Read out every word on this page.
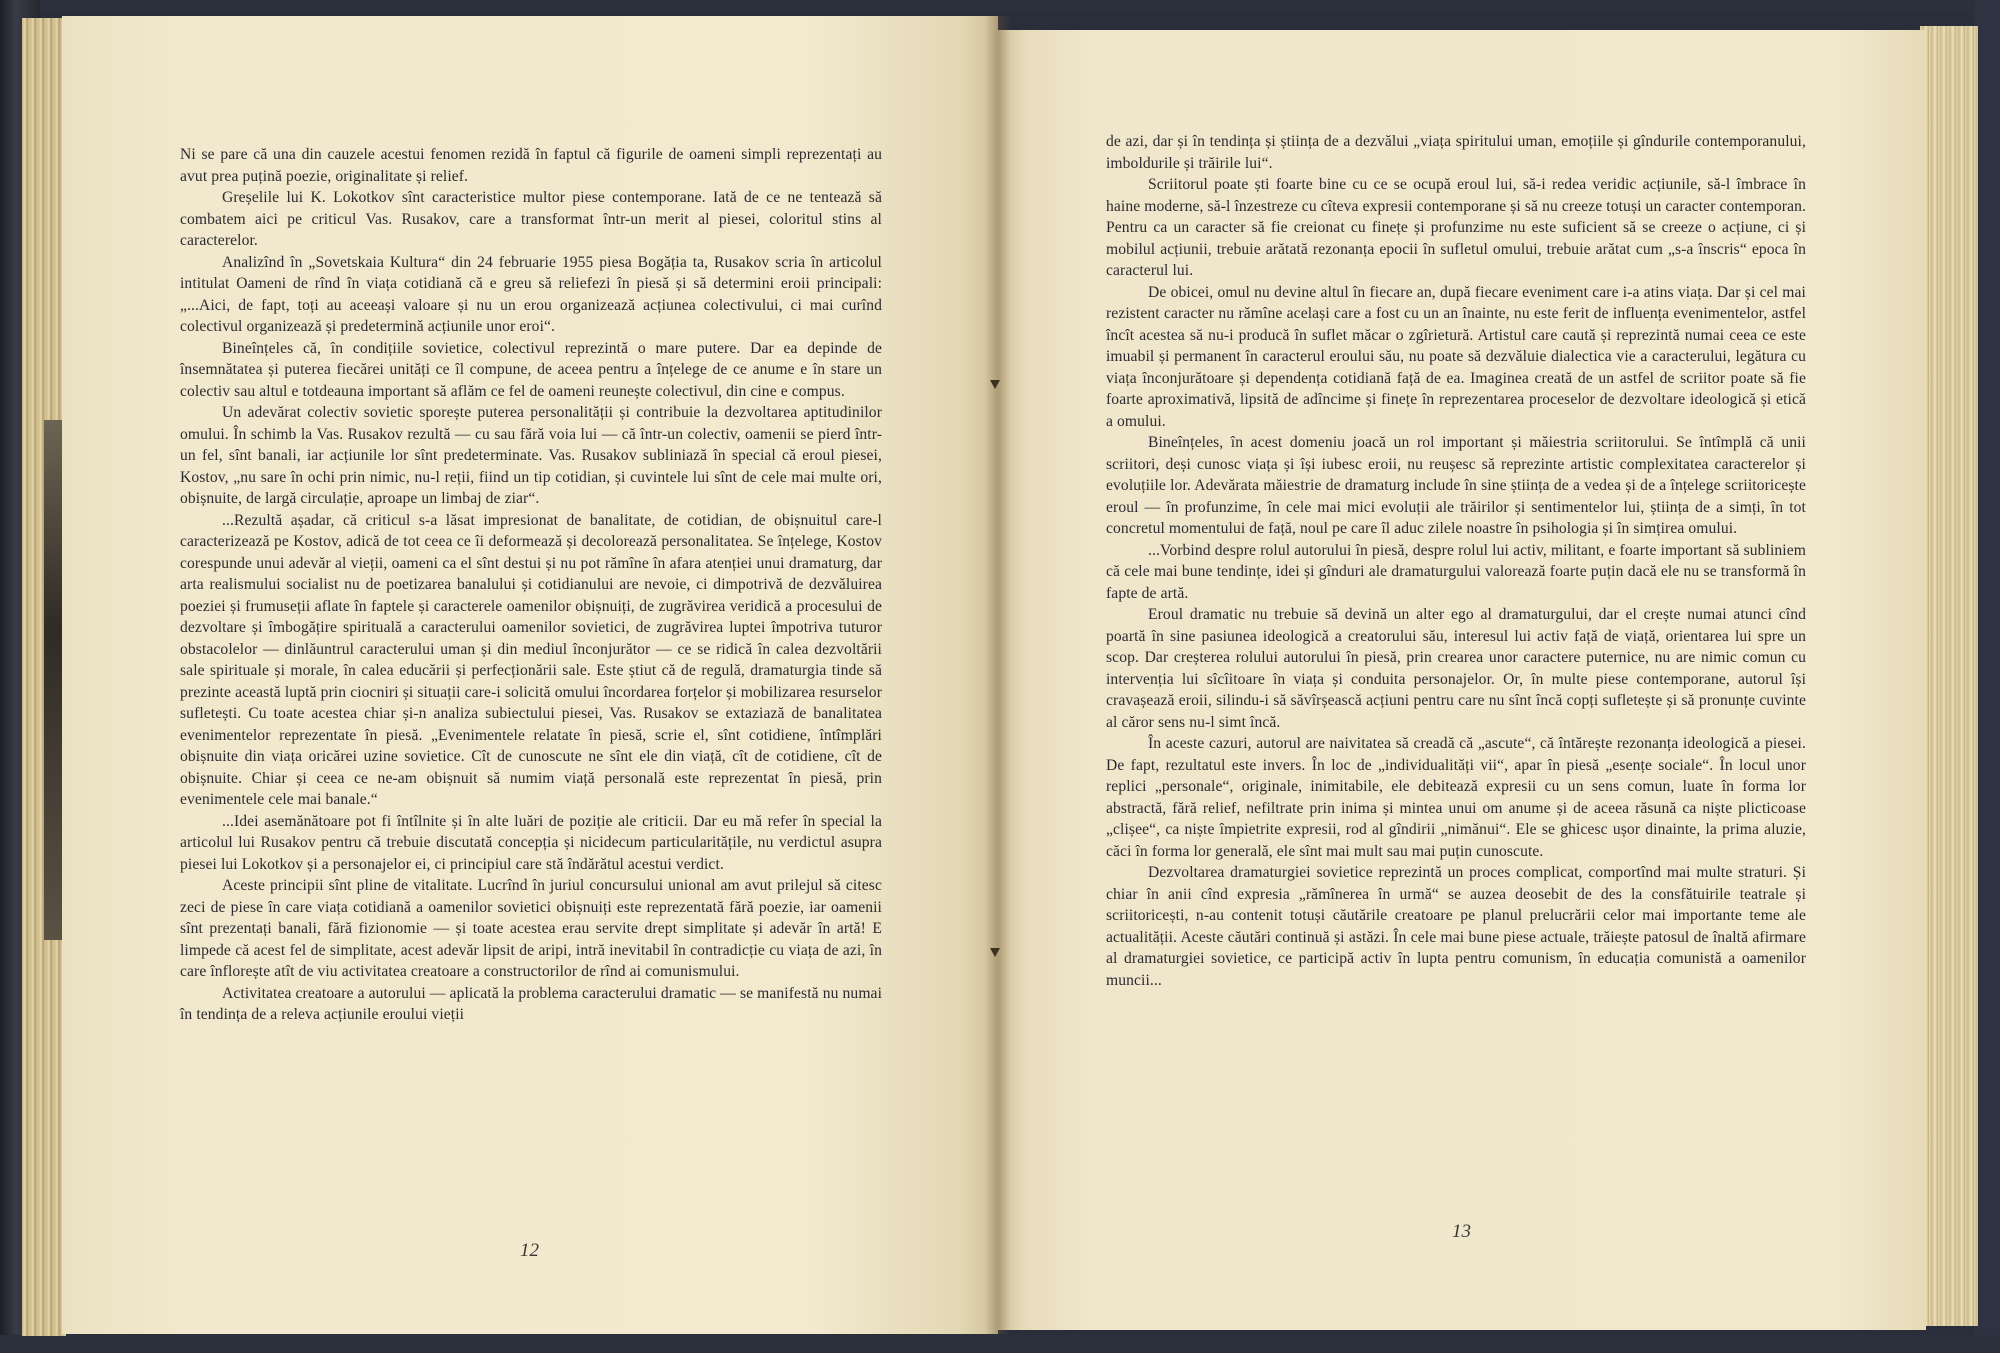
Ni se pare că una din cauzele acestui fenomen rezidă în faptul că figurile de oameni simpli reprezentați au avut prea puțină poezie, originalitate și relief.

Greșelile lui K. Lokotkov sînt caracteristice multor piese contemporane. Iată de ce ne tentează să combatem aici pe criticul Vas. Rusakov, care a transformat într-un merit al piesei, coloritul stins al caracterelor.

Analizînd în „Sovetskaia Kultura“ din 24 februarie 1955 piesa Bogăția ta, Rusakov scria în articolul intitulat Oameni de rînd în viața cotidiană că e greu să reliefezi în piesă și să determini eroii principali: „...Aici, de fapt, toți au aceeași valoare și nu un erou organizează acțiunea colectivului, ci mai curînd colectivul organizează și predetermină acțiunile unor eroi“.

Bineînțeles că, în condițiile sovietice, colectivul reprezintă o mare putere. Dar ea depinde de însemnătatea și puterea fiecărei unități ce îl compune, de aceea pentru a înțelege de ce anume e în stare un colectiv sau altul e totdeauna important să aflăm ce fel de oameni reunește colectivul, din cine e compus.

Un adevărat colectiv sovietic sporește puterea personalității și contribuie la dezvoltarea aptitudinilor omului. În schimb la Vas. Rusakov rezultă — cu sau fără voia lui — că într-un colectiv, oamenii se pierd într-un fel, sînt banali, iar acțiunile lor sînt predeterminate. Vas. Rusakov subliniază în special că eroul piesei, Kostov, „nu sare în ochi prin nimic, nu-l reții, fiind un tip cotidian, și cuvintele lui sînt de cele mai multe ori, obișnuite, de largă circulație, aproape un limbaj de ziar“.

...Rezultă așadar, că criticul s-a lăsat impresionat de banalitate, de cotidian, de obișnuitul care-l caracterizează pe Kostov, adică de tot ceea ce îi deformează și decolorează personalitatea. Se înțelege, Kostov corespunde unui adevăr al vieții, oameni ca el sînt destui și nu pot rămîne în afara atenției unui dramaturg, dar arta realismului socialist nu de poetizarea banalului și cotidianului are nevoie, ci dimpotrivă de dezvăluirea poeziei și frumuseții aflate în faptele și caracterele oamenilor obișnuiți, de zugrăvirea veridică a procesului de dezvoltare și îmbogățire spirituală a caracterului oamenilor sovietici, de zugrăvirea luptei împotriva tuturor obstacolelor — dinlăuntrul caracterului uman și din mediul înconjurător — ce se ridică în calea dezvoltării sale spirituale și morale, în calea educării și perfecționării sale. Este știut că de regulă, dramaturgia tinde să prezinte această luptă prin ciocniri și situații care-i solicită omului încordarea forțelor și mobilizarea resurselor sufletești. Cu toate acestea chiar și-n analiza subiectului piesei, Vas. Rusakov se extaziază de banalitatea evenimentelor reprezentate în piesă. „Evenimentele relatate în piesă, scrie el, sînt cotidiene, întîmplări obișnuite din viața oricărei uzine sovietice. Cît de cunoscute ne sînt ele din viață, cît de cotidiene, cît de obișnuite. Chiar și ceea ce ne-am obișnuit să numim viață personală este reprezentat în piesă, prin evenimentele cele mai banale.“

...Idei asemănătoare pot fi întîlnite și în alte luări de poziție ale criticii. Dar eu mă refer în special la articolul lui Rusakov pentru că trebuie discutată concepția și nicidecum particularitățile, nu verdictul asupra piesei lui Lokotkov și a personajelor ei, ci principiul care stă îndărătul acestui verdict.

Aceste principii sînt pline de vitalitate. Lucrînd în juriul concursului unional am avut prilejul să citesc zeci de piese în care viața cotidiană a oamenilor sovietici obișnuiți este reprezentată fără poezie, iar oamenii sînt prezentați banali, fără fizionomie — și toate acestea erau servite drept simplitate și adevăr în artă! E limpede că acest fel de simplitate, acest adevăr lipsit de aripi, intră inevitabil în contradicție cu viața de azi, în care înflorește atît de viu activitatea creatoare a constructorilor de rînd ai comunismului.

Activitatea creatoare a autorului — aplicată la problema caracterului dramatic — se manifestă nu numai în tendința de a releva acțiunile eroului vieții

de azi, dar și în tendința și știința de a dezvălui „viața spiritului uman, emoțiile și gîndurile contemporanului, imboldurile și trăirile lui“.

Scriitorul poate ști foarte bine cu ce se ocupă eroul lui, să-i redea veridic acțiunile, să-l îmbrace în haine moderne, să-l înzestreze cu cîteva expresii contemporane și să nu creeze totuși un caracter contemporan. Pentru ca un caracter să fie creionat cu finețe și profunzime nu este suficient să se creeze o acțiune, ci și mobilul acțiunii, trebuie arătată rezonanța epocii în sufletul omului, trebuie arătat cum „s-a înscris“ epoca în caracterul lui.

De obicei, omul nu devine altul în fiecare an, după fiecare eveniment care i-a atins viața. Dar și cel mai rezistent caracter nu rămîne același care a fost cu un an înainte, nu este ferit de influența evenimentelor, astfel încît acestea să nu-i producă în suflet măcar o zgîrietură. Artistul care caută și reprezintă numai ceea ce este imuabil și permanent în caracterul eroului său, nu poate să dezvăluie dialectica vie a caracterului, legătura cu viața înconjurătoare și dependența cotidiană față de ea. Imaginea creată de un astfel de scriitor poate să fie foarte aproximativă, lipsită de adîncime și finețe în reprezentarea proceselor de dezvoltare ideologică și etică a omului.

Bineînțeles, în acest domeniu joacă un rol important și măiestria scriitorului. Se întîmplă că unii scriitori, deși cunosc viața și își iubesc eroii, nu reușesc să reprezinte artistic complexitatea caracterelor și evoluțiile lor. Adevărata măiestrie de dramaturg include în sine știința de a vedea și de a înțelege scriitoricește eroul — în profunzime, în cele mai mici evoluții ale trăirilor și sentimentelor lui, știința de a simți, în tot concretul momentului de față, noul pe care îl aduc zilele noastre în psihologia și în simțirea omului.

...Vorbind despre rolul autorului în piesă, despre rolul lui activ, militant, e foarte important să subliniem că cele mai bune tendințe, idei și gînduri ale dramaturgului valorează foarte puțin dacă ele nu se transformă în fapte de artă.

Eroul dramatic nu trebuie să devină un alter ego al dramaturgului, dar el crește numai atunci cînd poartă în sine pasiunea ideologică a creatorului său, interesul lui activ față de viață, orientarea lui spre un scop. Dar creșterea rolului autorului în piesă, prin crearea unor caractere puternice, nu are nimic comun cu intervenția lui sîcîitoare în viața și conduita personajelor. Or, în multe piese contemporane, autorul își cravașează eroii, silindu-i să săvîrșească acțiuni pentru care nu sînt încă copți sufletește și să pronunțe cuvinte al căror sens nu-l simt încă.

În aceste cazuri, autorul are naivitatea să creadă că „ascute“, că întărește rezonanța ideologică a piesei. De fapt, rezultatul este invers. În loc de „individualități vii“, apar în piesă „esențe sociale“. În locul unor replici „personale“, originale, inimitabile, ele debitează expresii cu un sens comun, luate în forma lor abstractă, fără relief, nefiltrate prin inima și mintea unui om anume și de aceea răsună ca niște plicticoase „clișee“, ca niște împietrite expresii, rod al gîndirii „nimănui“. Ele se ghicesc ușor dinainte, la prima aluzie, căci în forma lor generală, ele sînt mai mult sau mai puțin cunoscute.

Dezvoltarea dramaturgiei sovietice reprezintă un proces complicat, comportînd mai multe straturi. Și chiar în anii cînd expresia „rămînerea în urmă“ se auzea deosebit de des la consfătuirile teatrale și scriitoricești, n-au contenit totuși căutările creatoare pe planul prelucrării celor mai importante teme ale actualității. Aceste căutări continuă și astăzi. În cele mai bune piese actuale, trăiește patosul de înaltă afirmare al dramaturgiei sovietice, ce participă activ în lupta pentru comunism, în educația comunistă a oamenilor muncii...

12
13
